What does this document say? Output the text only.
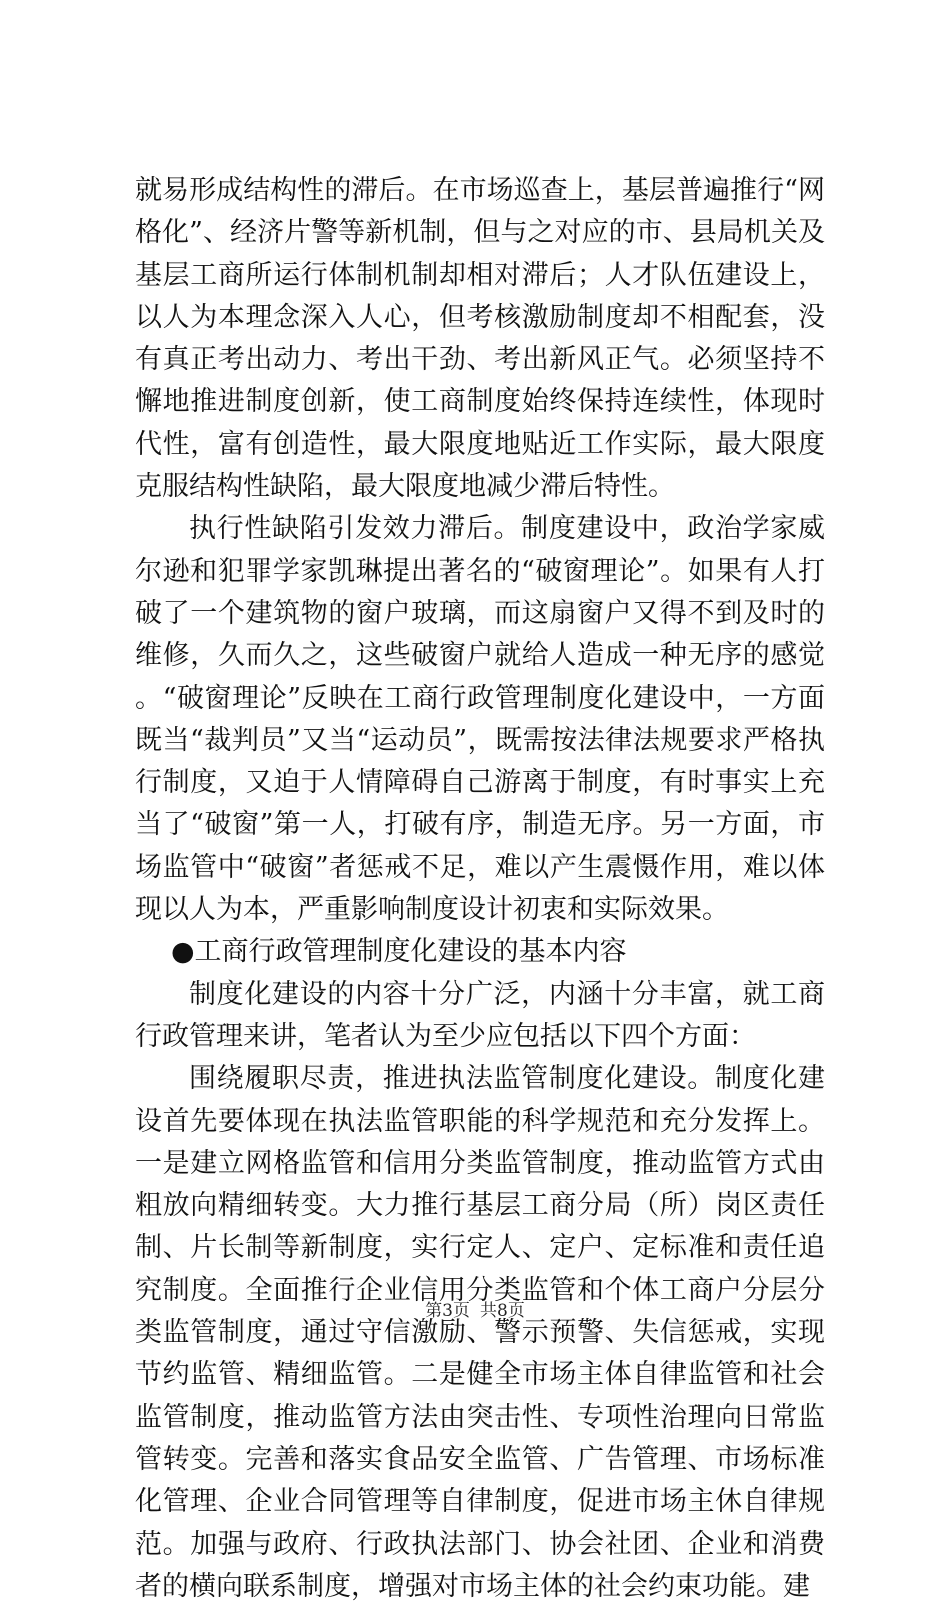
就易形成结构性的滞后。在市场巡查上，基层普遍推行“网格化”、经济片警等新机制，但与之对应的市、县局机关及基层工商所运行体制机制却相对滞后；人才队伍建设上，以人为本理念深入人心，但考核激励制度却不相配套，没有真正考出动力、考出干劲、考出新风正气。必须坚持不懈地推进制度创新，使工商制度始终保持连续性，体现时代性，富有创造性，最大限度地贴近工作实际，最大限度克服结构性缺陷，最大限度地减少滞后特性。

执行性缺陷引发效力滞后。制度建设中，政治学家威尔逊和犯罪学家凯琳提出著名的“破窗理论”。如果有人打破了一个建筑物的窗户玻璃，而这扇窗户又得不到及时的维修，久而久之，这些破窗户就给人造成一种无序的感觉。“破窗理论”反映在工商行政管理制度化建设中，一方面既当“裁判员”又当“运动员”，既需按法律法规要求严格执行制度，又迫于人情障碍自己游离于制度，有时事实上充当了“破窗”第一人，打破有序，制造无序。另一方面，市场监管中“破窗”者惩戒不足，难以产生震慑作用，难以体现以人为本，严重影响制度设计初衷和实际效果。

●工商行政管理制度化建设的基本内容

制度化建设的内容十分广泛，内涵十分丰富，就工商行政管理来讲，笔者认为至少应包括以下四个方面：

围绕履职尽责，推进执法监管制度化建设。制度化建设首先要体现在执法监管职能的科学规范和充分发挥上。一是建立网格监管和信用分类监管制度，推动监管方式由粗放向精细转变。大力推行基层工商分局（所）岗区责任制、片长制等新制度，实行定人、定户、定标准和责任追究制度。全面推行企业信用分类监管和个体工商户分层分类监管制度，通过守信激励、警示预警、失信惩戒，实现节约监管、精细监管。二是健全市场主体自律监管和社会监管制度，推动监管方法由突击性、专项性治理向日常监管转变。完善和落实食品安全监管、广告管理、市场标准化管理、企业合同管理等自律制度，促进市场主休自律规范。加强与政府、行政执法部门、协会社团、企业和消费者的横向联系制度，增强对市场主体的社会约束功能。建

第3页 共8页
